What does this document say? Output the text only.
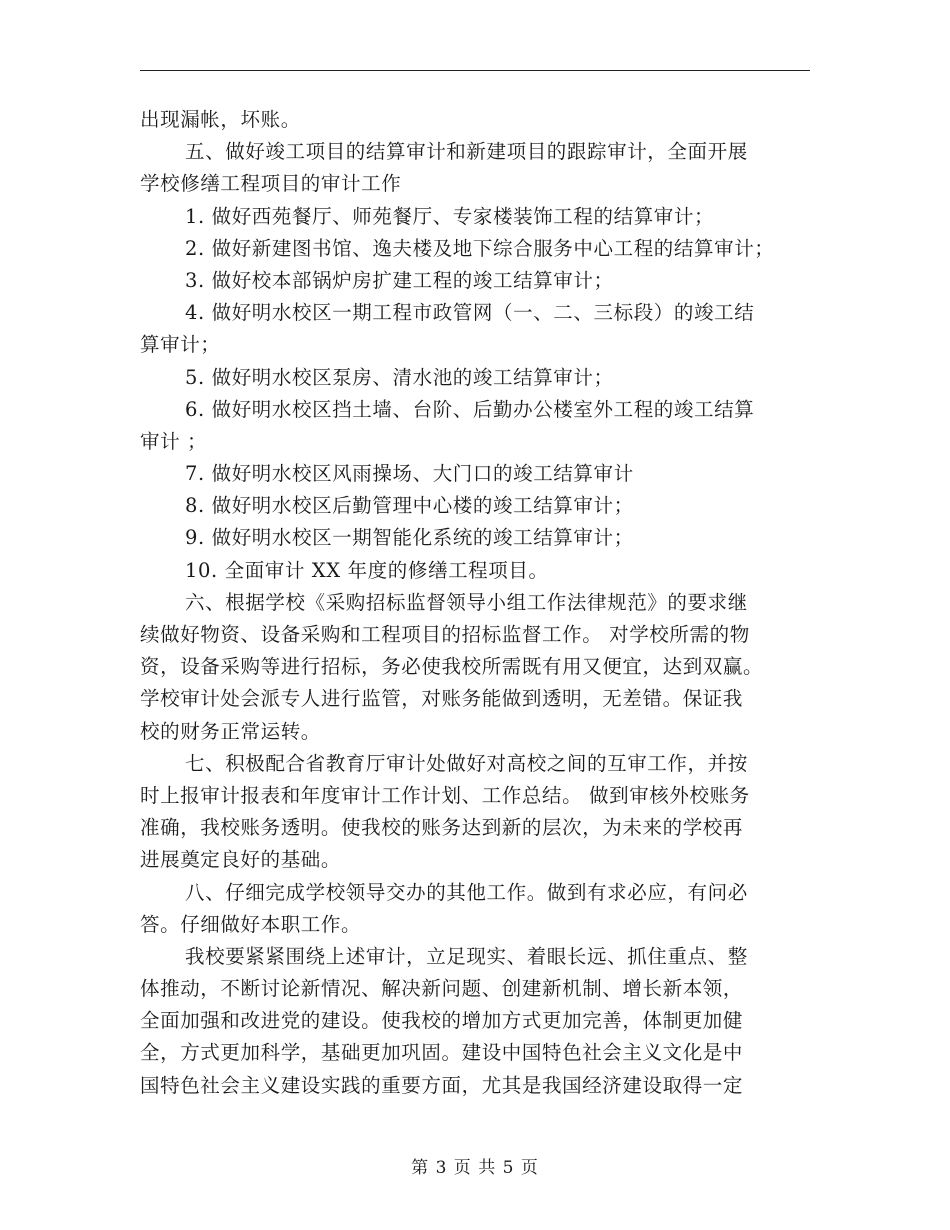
出现漏帐，坏账。
五、做好竣工项目的结算审计和新建项目的跟踪审计，全面开展
学校修缮工程项目的审计工作
1. 做好西苑餐厅、师苑餐厅、专家楼装饰工程的结算审计；
2. 做好新建图书馆、逸夫楼及地下综合服务中心工程的结算审计；
3. 做好校本部锅炉房扩建工程的竣工结算审计；
4. 做好明水校区一期工程市政管网（一、二、三标段）的竣工结
算审计；
5. 做好明水校区泵房、清水池的竣工结算审计；
6. 做好明水校区挡土墙、台阶、后勤办公楼室外工程的竣工结算
审计 ；
7. 做好明水校区风雨操场、大门口的竣工结算审计
8. 做好明水校区后勤管理中心楼的竣工结算审计；
9. 做好明水校区一期智能化系统的竣工结算审计；
10. 全面审计 XX 年度的修缮工程项目。
六、根据学校《采购招标监督领导小组工作法律规范》的要求继
续做好物资、设备采购和工程项目的招标监督工作。 对学校所需的物
资，设备采购等进行招标，务必使我校所需既有用又便宜，达到双赢。
学校审计处会派专人进行监管，对账务能做到透明，无差错。保证我
校的财务正常运转。
七、积极配合省教育厅审计处做好对高校之间的互审工作，并按
时上报审计报表和年度审计工作计划、工作总结。 做到审核外校账务
准确，我校账务透明。使我校的账务达到新的层次，为未来的学校再
进展奠定良好的基础。
八、仔细完成学校领导交办的其他工作。做到有求必应，有问必
答。仔细做好本职工作。
我校要紧紧围绕上述审计，立足现实、着眼长远、抓住重点、整
体推动，不断讨论新情况、解决新问题、创建新机制、增长新本领，
全面加强和改进党的建设。使我校的增加方式更加完善，体制更加健
全，方式更加科学，基础更加巩固。建设中国特色社会主义文化是中
国特色社会主义建设实践的重要方面，尤其是我国经济建设取得一定
第 3 页 共 5 页
